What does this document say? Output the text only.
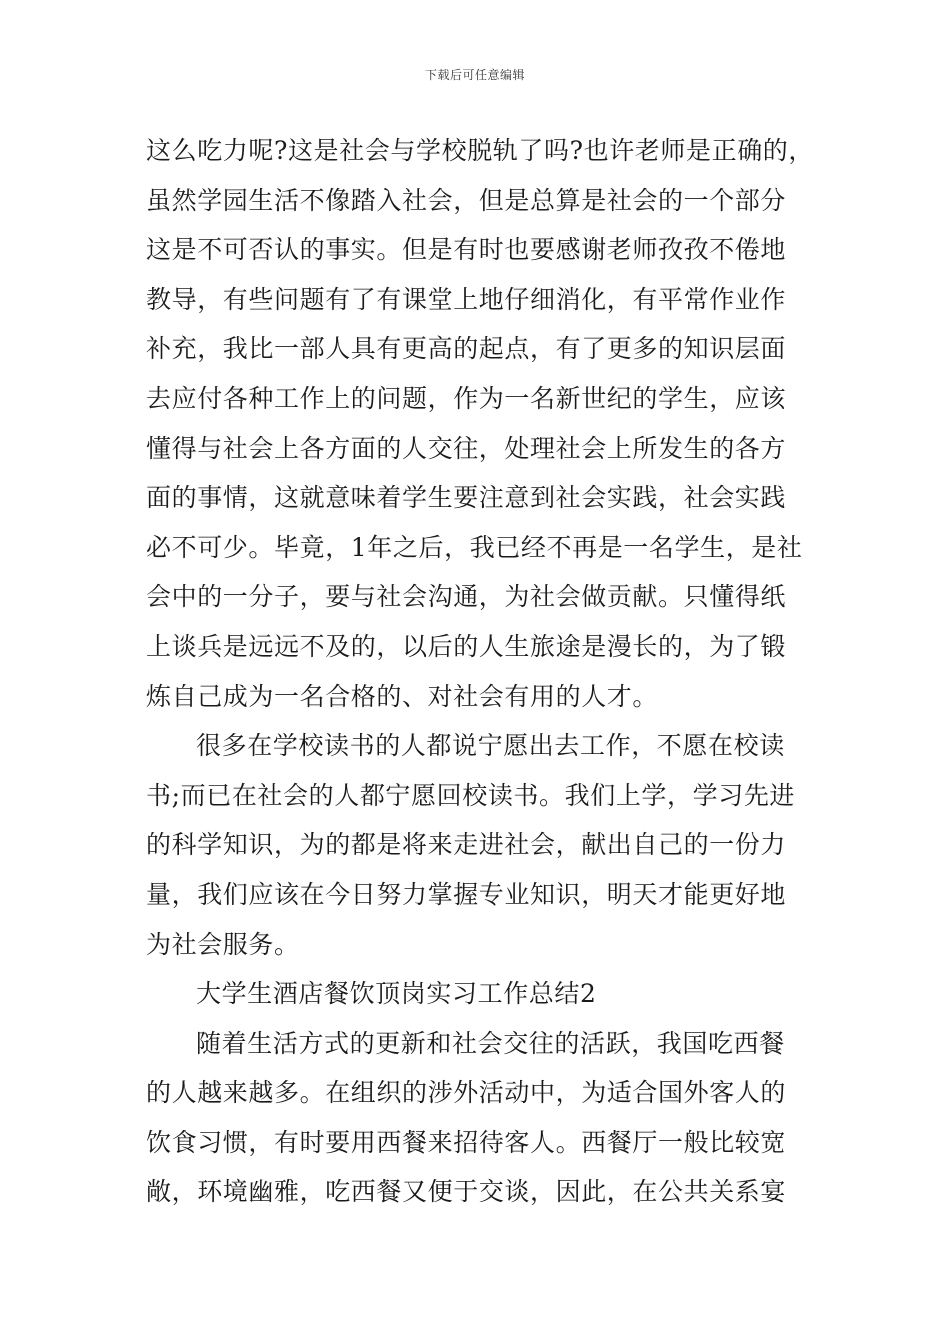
下载后可任意编辑
这么吃力呢?这是社会与学校脱轨了吗?也许老师是正确的，
虽然学园生活不像踏入社会，但是总算是社会的一个部分
这是不可否认的事实。但是有时也要感谢老师孜孜不倦地
教导，有些问题有了有课堂上地仔细消化，有平常作业作
补充，我比一部人具有更高的起点，有了更多的知识层面
去应付各种工作上的问题，作为一名新世纪的学生，应该
懂得与社会上各方面的人交往，处理社会上所发生的各方
面的事情，这就意味着学生要注意到社会实践，社会实践
必不可少。毕竟，1年之后，我已经不再是一名学生，是社
会中的一分子，要与社会沟通，为社会做贡献。只懂得纸
上谈兵是远远不及的，以后的人生旅途是漫长的，为了锻
炼自己成为一名合格的、对社会有用的人才。
很多在学校读书的人都说宁愿出去工作，不愿在校读
书;而已在社会的人都宁愿回校读书。我们上学，学习先进
的科学知识，为的都是将来走进社会，献出自己的一份力
量，我们应该在今日努力掌握专业知识，明天才能更好地
为社会服务。
大学生酒店餐饮顶岗实习工作总结2
随着生活方式的更新和社会交往的活跃，我国吃西餐
的人越来越多。在组织的涉外活动中，为适合国外客人的
饮食习惯，有时要用西餐来招待客人。西餐厅一般比较宽
敞，环境幽雅，吃西餐又便于交谈，因此，在公共关系宴
